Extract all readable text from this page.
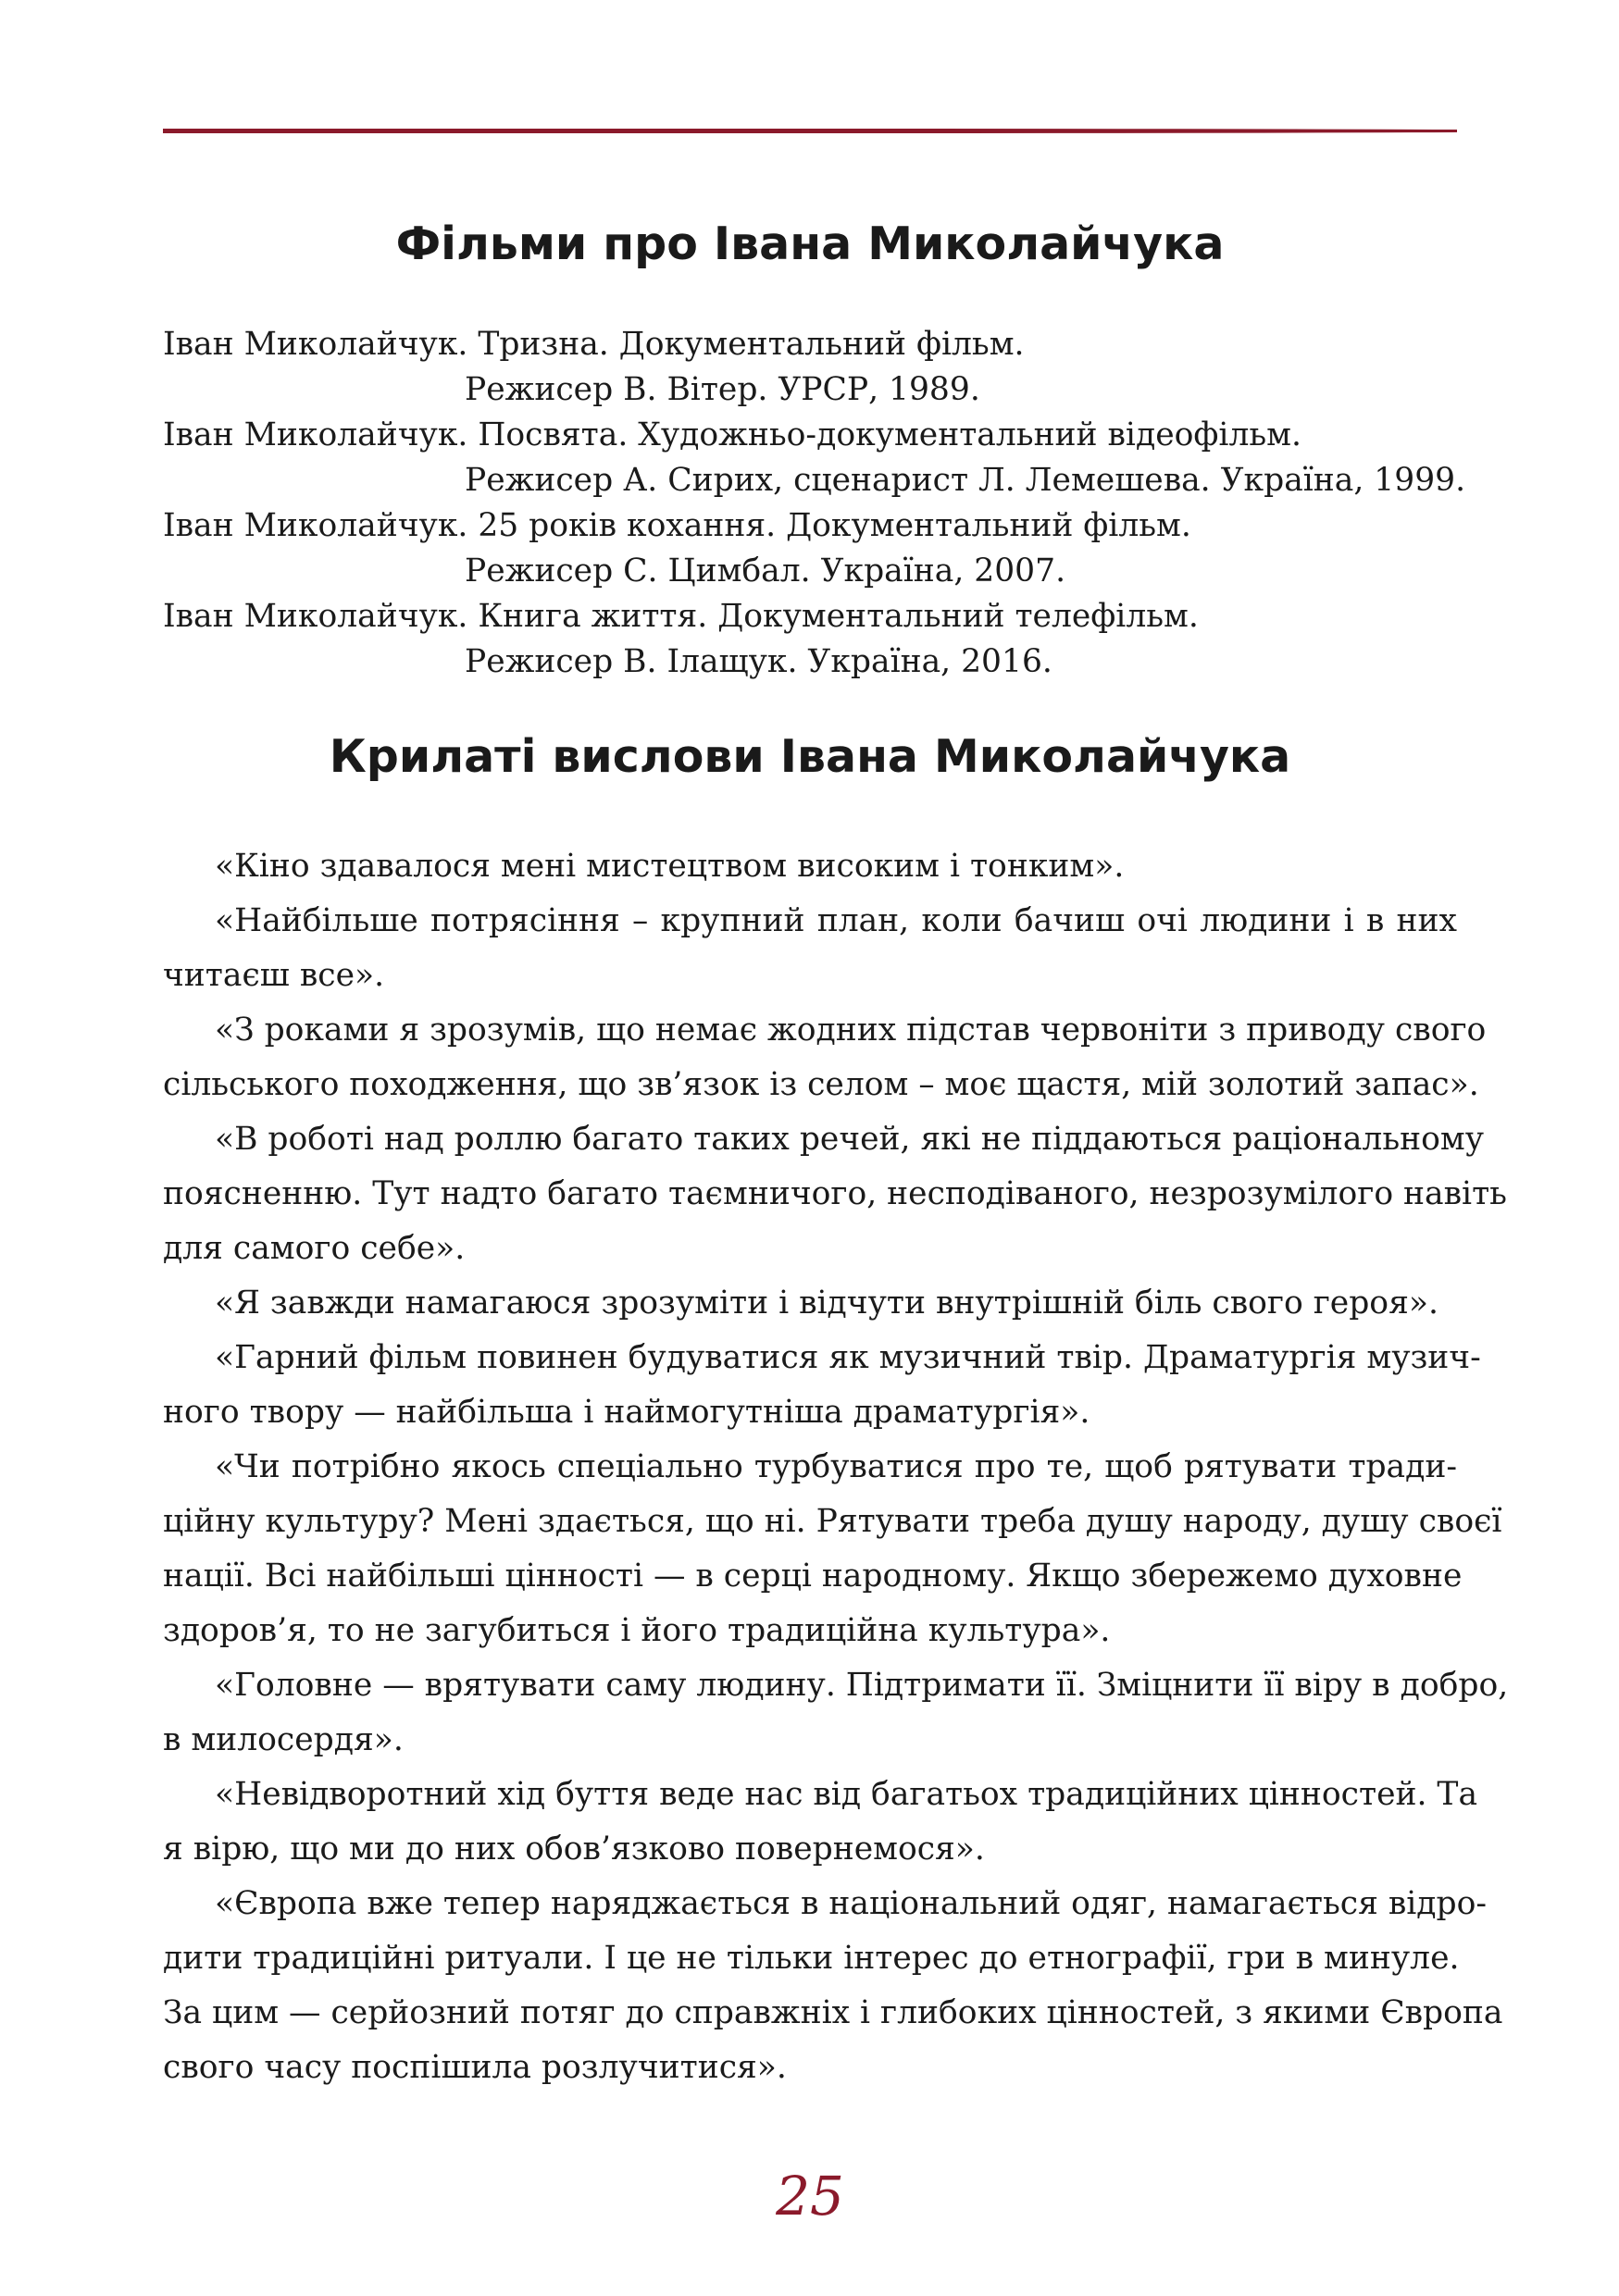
Фільми про Івана Миколайчука
Іван Миколайчук. Тризна. Документальний фільм.
Режисер В. Вітер. УРСР, 1989.
Іван Миколайчук. Посвята. Художньо-документальний відеофільм.
Режисер А. Сирих, сценарист Л. Лемешева. Україна, 1999.
Іван Миколайчук. 25 років кохання. Документальний фільм.
Режисер С. Цимбал. Україна, 2007.
Іван Миколайчук. Книга життя. Документальний телефільм.
Режисер В. Ілащук. Україна, 2016.
Крилаті вислови Івана Миколайчука

«Кіно здавалося мені мистецтвом високим і тонким».

«Найбільше потрясіння – крупний план, коли бачиш очі людини і в них
читаєш все».

«З роками я зрозумів, що немає жодних підстав червоніти з приводу свого
сільського походження, що зв’язок із селом – моє щастя, мій золотий запас».

«В роботі над роллю багато таких речей, які не піддаються раціональному
поясненню. Тут надто багато таємничого, несподіваного, незрозумілого навіть
для самого себе».

«Я завжди намагаюся зрозуміти і відчути внутрішній біль свого героя».

«Гарний фільм повинен будуватися як музичний твір. Драматургія музич-
ного твору — найбільша і наймогутніша драматургія».

«Чи потрібно якось спеціально турбуватися про те, щоб рятувати тради-
ційну культуру? Мені здається, що ні. Рятувати треба душу народу, душу своєї
нації. Всі найбільші цінності — в серці народному. Якщо збережемо духовне
здоров’я, то не загубиться і його традиційна культура».

«Головне — врятувати саму людину. Підтримати її. Зміцнити її віру в добро,
в милосердя».

«Невідворотний хід буття веде нас від багатьох традиційних цінностей. Та
я вірю, що ми до них обов’язково повернемося».

«Європа вже тепер наряджається в національний одяг, намагається відро-
дити традиційні ритуали. І це не тільки інтерес до етнографії, гри в минуле.
За цим — серйозний потяг до справжніх і глибоких цінностей, з якими Європа
свого часу поспішила розлучитися».

25
